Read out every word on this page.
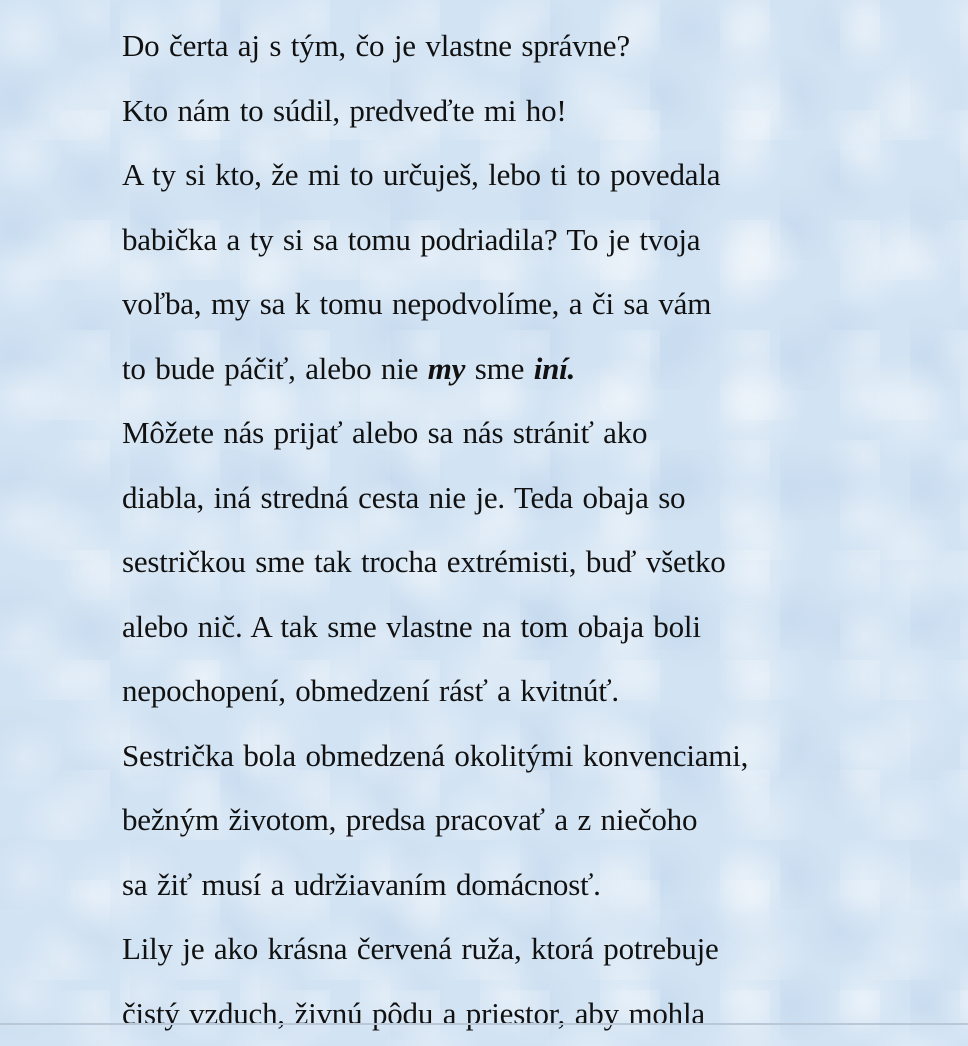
Do čerta aj s tým, čo je vlastne správne?
Kto nám to súdil, predveďte mi ho!
A ty si kto, že mi to určuješ, lebo ti to povedala
babička a ty si sa tomu podriadila? To je tvoja
voľba, my sa k tomu nepodvolíme, a či sa vám
to bude páčiť, alebo nie my sme iní.
Môžete nás prijať alebo sa nás strániť ako
diabla, iná stredná cesta nie je. Teda obaja so
sestričkou sme tak trocha extrémisti, buď všetko
alebo nič. A tak sme vlastne na tom obaja boli
nepochopení, obmedzení rásť a kvitnúť.
Sestrička bola obmedzená okolitými konvenciami,
bežným životom, predsa pracovať a z niečoho
sa žiť musí a udržiavaním domácnosť.
Lily je ako krásna červená ruža, ktorá potrebuje
čistý vzduch, živnú pôdu a priestor, aby mohla
